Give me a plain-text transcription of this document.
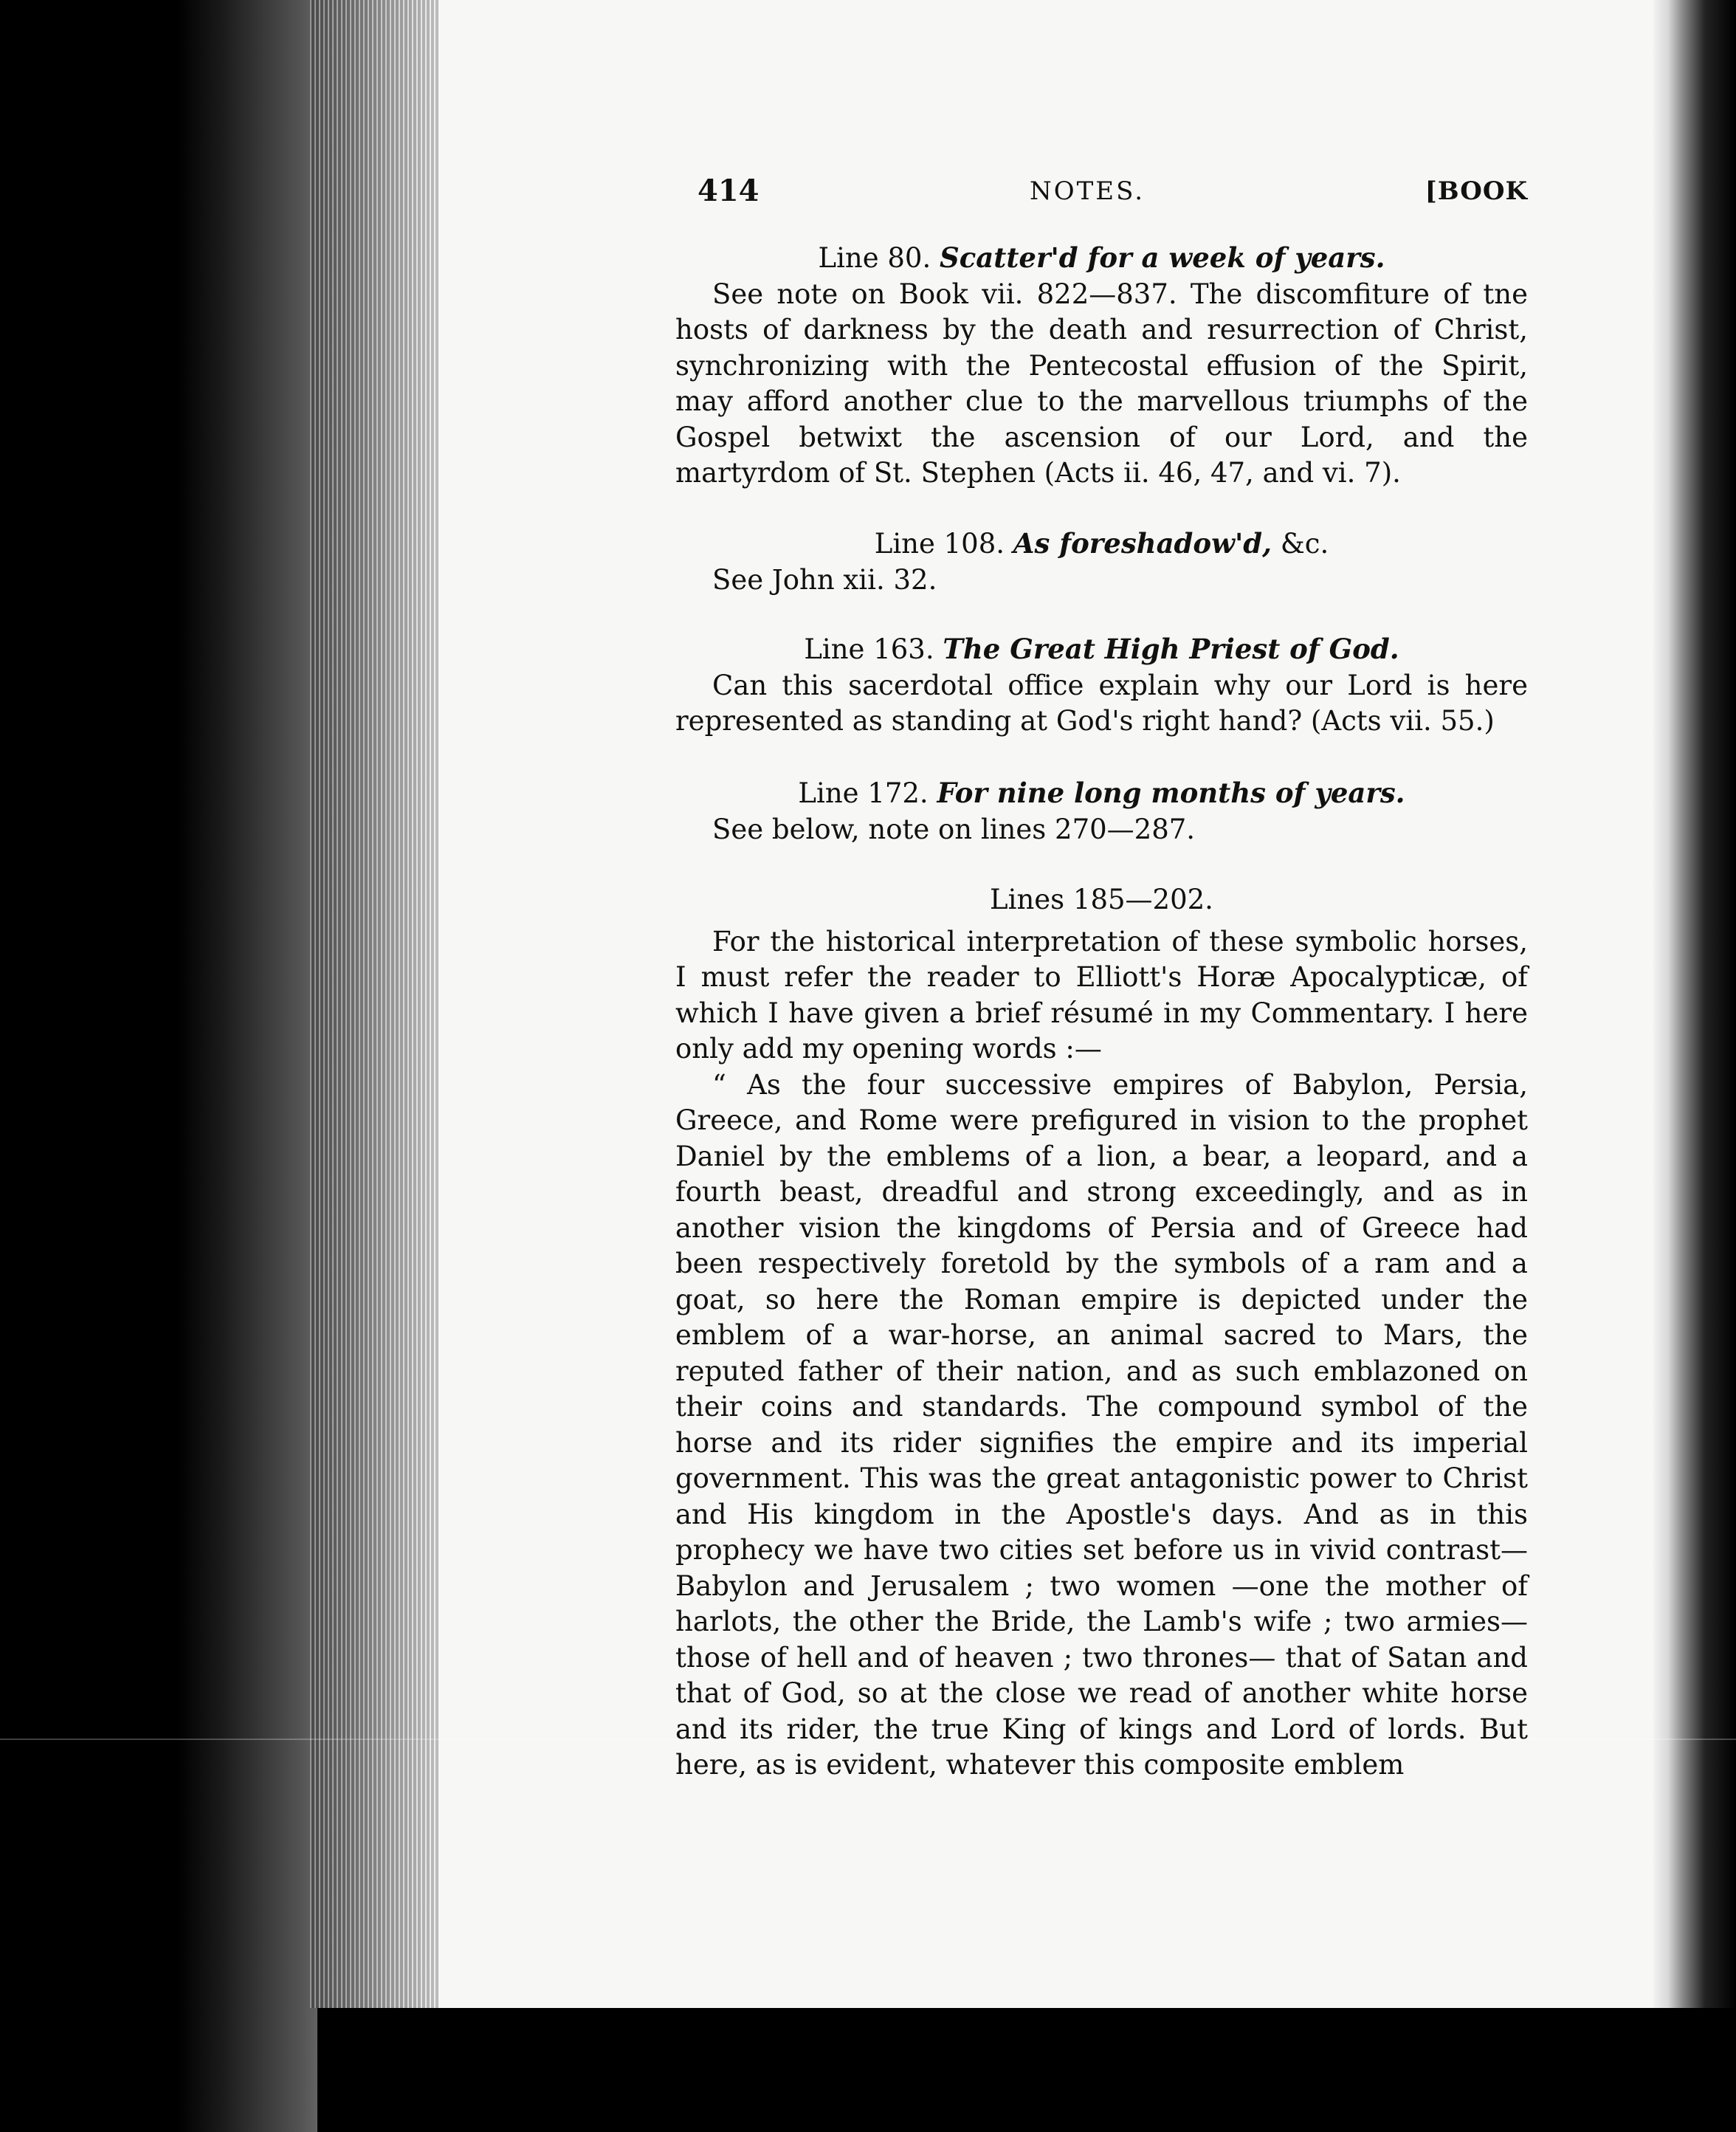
414	NOTES.	[BOOK
Line 80. Scatter'd for a week of years.

See note on Book vii. 822—837. The discomfiture of tne hosts of darkness by the death and resurrection of Christ, synchronizing with the Pentecostal effusion of the Spirit, may afford another clue to the marvellous triumphs of the Gospel betwixt the ascension of our Lord, and the martyrdom of St. Stephen (Acts ii. 46, 47, and vi. 7).

Line 108. As foreshadow'd, &c.

See John xii. 32.

Line 163. The Great High Priest of God.

Can this sacerdotal office explain why our Lord is here represented as standing at God's right hand? (Acts vii. 55.)

Line 172. For nine long months of years.

See below, note on lines 270—287.

Lines 185—202.

For the historical interpretation of these symbolic horses, I must refer the reader to Elliott's Horæ Apocalypticæ, of which I have given a brief résumé in my Commentary. I here only add my opening words :—

“ As the four successive empires of Babylon, Persia, Greece, and Rome were prefigured in vision to the prophet Daniel by the emblems of a lion, a bear, a leopard, and a fourth beast, dreadful and strong exceedingly, and as in another vision the kingdoms of Persia and of Greece had been respectively foretold by the symbols of a ram and a goat, so here the Roman empire is depicted under the emblem of a war-horse, an animal sacred to Mars, the reputed father of their nation, and as such emblazoned on their coins and standards. The compound symbol of the horse and its rider signifies the empire and its imperial government. This was the great antagonistic power to Christ and His kingdom in the Apostle's days. And as in this prophecy we have two cities set before us in vivid contrast—Babylon and Jerusalem ; two women —one the mother of harlots, the other the Bride, the Lamb's wife ; two armies—those of hell and of heaven ; two thrones— that of Satan and that of God, so at the close we read of another white horse and its rider, the true King of kings and Lord of lords. But here, as is evident, whatever this composite emblem
